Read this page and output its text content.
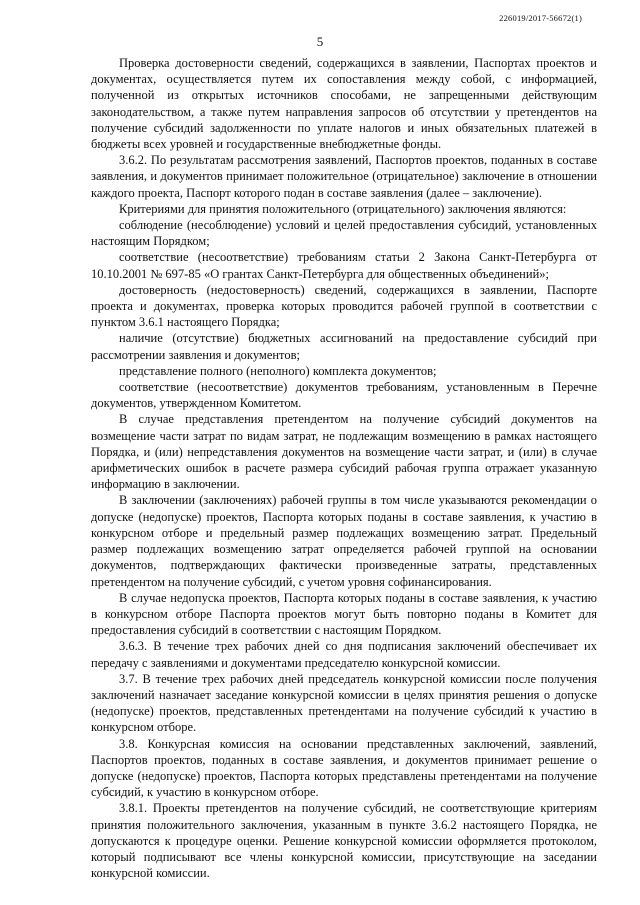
226019/2017-56672(1)
5

Проверка достоверности сведений, содержащихся в заявлении, Паспортах проектов и документах, осуществляется путем их сопоставления между собой, с информацией, полученной из открытых источников способами, не запрещенными действующим законодательством, а также путем направления запросов об отсутствии у претендентов на получение субсидий задолженности по уплате налогов и иных обязательных платежей в бюджеты всех уровней и государственные внебюджетные фонды.

3.6.2. По результатам рассмотрения заявлений, Паспортов проектов, поданных в составе заявления, и документов принимает положительное (отрицательное) заключение в отношении каждого проекта, Паспорт которого подан в составе заявления (далее – заключение).

Критериями для принятия положительного (отрицательного) заключения являются:

соблюдение (несоблюдение) условий и целей предоставления субсидий, установленных настоящим Порядком;

соответствие (несоответствие) требованиям статьи 2 Закона Санкт-Петербурга от 10.10.2001 № 697-85 «О грантах Санкт-Петербурга для общественных объединений»;

достоверность (недостоверность) сведений, содержащихся в заявлении, Паспорте проекта и документах, проверка которых проводится рабочей группой в соответствии с пунктом 3.6.1 настоящего Порядка;

наличие (отсутствие) бюджетных ассигнований на предоставление субсидий при рассмотрении заявления и документов;

представление полного (неполного) комплекта документов;

соответствие (несоответствие) документов требованиям, установленным в Перечне документов, утвержденном Комитетом.

В случае представления претендентом на получение субсидий документов на возмещение части затрат по видам затрат, не подлежащим возмещению в рамках настоящего Порядка, и (или) непредставления документов на возмещение части затрат, и (или) в случае арифметических ошибок в расчете размера субсидий рабочая группа отражает указанную информацию в заключении.

В заключении (заключениях) рабочей группы в том числе указываются рекомендации о допуске (недопуске) проектов, Паспорта которых поданы в составе заявления, к участию в конкурсном отборе и предельный размер подлежащих возмещению затрат. Предельный размер подлежащих возмещению затрат определяется рабочей группой на основании документов, подтверждающих фактически произведенные затраты, представленных претендентом на получение субсидий, с учетом уровня софинансирования.

В случае недопуска проектов, Паспорта которых поданы в составе заявления, к участию в конкурсном отборе Паспорта проектов могут быть повторно поданы в Комитет для предоставления субсидий в соответствии с настоящим Порядком.

3.6.3. В течение трех рабочих дней со дня подписания заключений обеспечивает их передачу с заявлениями и документами председателю конкурсной комиссии.

3.7. В течение трех рабочих дней председатель конкурсной комиссии после получения заключений назначает заседание конкурсной комиссии в целях принятия решения о допуске (недопуске) проектов, представленных претендентами на получение субсидий к участию в конкурсном отборе.

3.8. Конкурсная комиссия на основании представленных заключений, заявлений, Паспортов проектов, поданных в составе заявления, и документов принимает решение о допуске (недопуске) проектов, Паспорта которых представлены претендентами на получение субсидий, к участию в конкурсном отборе.

3.8.1. Проекты претендентов на получение субсидий, не соответствующие критериям принятия положительного заключения, указанным в пункте 3.6.2 настоящего Порядка, не допускаются к процедуре оценки. Решение конкурсной комиссии оформляется протоколом, который подписывают все члены конкурсной комиссии, присутствующие на заседании конкурсной комиссии.
